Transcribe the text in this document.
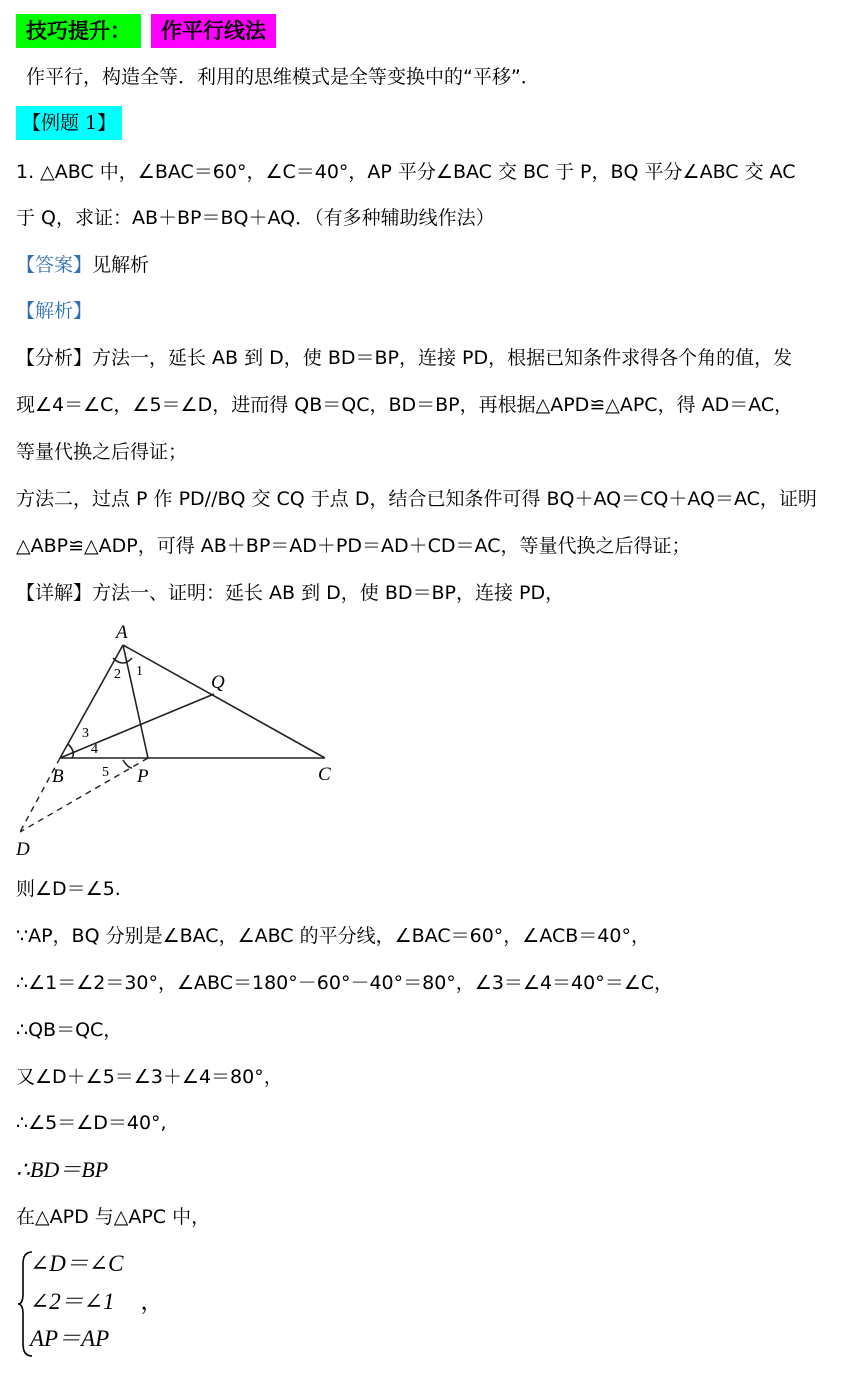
技巧提升： 作平行线法
作平行，构造全等．利用的思维模式是全等变换中的“平移”．
【例题 1】
1. △ABC 中，∠BAC＝60°，∠C＝40°，AP 平分∠BAC 交 BC 于 P，BQ 平分∠ABC 交 AC
于 Q，求证：AB＋BP＝BQ＋AQ．（有多种辅助线作法）
【答案】见解析
【解析】
【分析】方法一，延长 AB 到 D，使 BD＝BP，连接 PD，根据已知条件求得各个角的值，发
现∠4＝∠C，∠5＝∠D，进而得 QB＝QC，BD＝BP，再根据△APD≌△APC，得 AD＝AC，
等量代换之后得证；
方法二，过点 P 作 PD//BQ 交 CQ 于点 D，结合已知条件可得 BQ＋AQ＝CQ＋AQ＝AC，证明
△ABP≌△ADP，可得 AB＋BP＝AD＋PD＝AD＋CD＝AC，等量代换之后得证；
【详解】方法一、证明：延长 AB 到 D，使 BD＝BP，连接 PD，
A
B	C
P
Q
D
1
2
3
4
5
则∠D＝∠5.
∵AP，BQ 分别是∠BAC，∠ABC 的平分线，∠BAC＝60°，∠ACB＝40°，
∴∠1＝∠2＝30°，∠ABC＝180°－60°－40°＝80°，∠3＝∠4＝40°＝∠C，
∴QB＝QC，
又∠D＋∠5＝∠3＋∠4＝80°，
∴∠5＝∠D＝40°,
∴BD＝BP
在△APD 与△APC 中，
∠D＝∠C
∠2＝∠1 ，
AP＝AP
